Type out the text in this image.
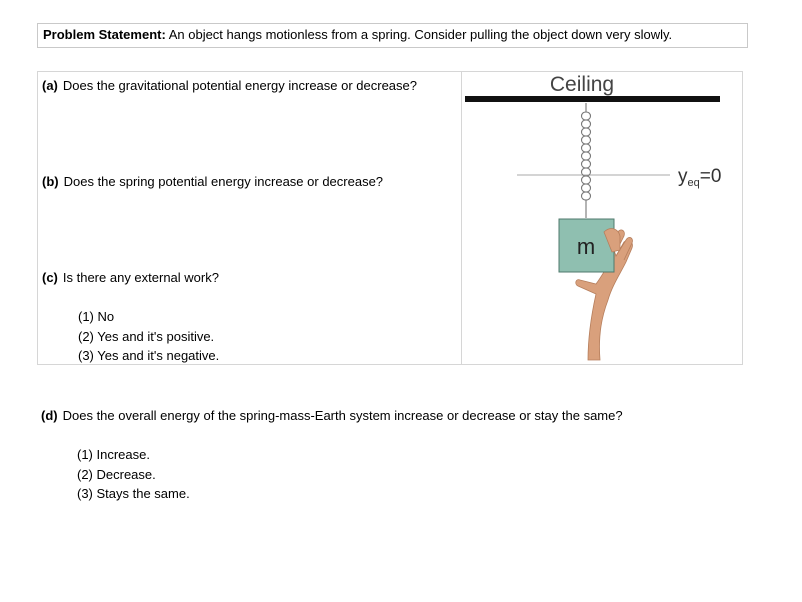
Problem Statement: An object hangs motionless from a spring. Consider pulling the object down very slowly.
(a) Does the gravitational potential energy increase or decrease?
(b) Does the spring potential energy increase or decrease?
(c) Is there any external work?
(1) No
(2) Yes and it's positive.
(3) Yes and it's negative.
Ceiling
$y_{eq}=0$
m
(d) Does the overall energy of the spring-mass-Earth system increase or decrease or stay the same?
(1) Increase.
(2) Decrease.
(3) Stays the same.
